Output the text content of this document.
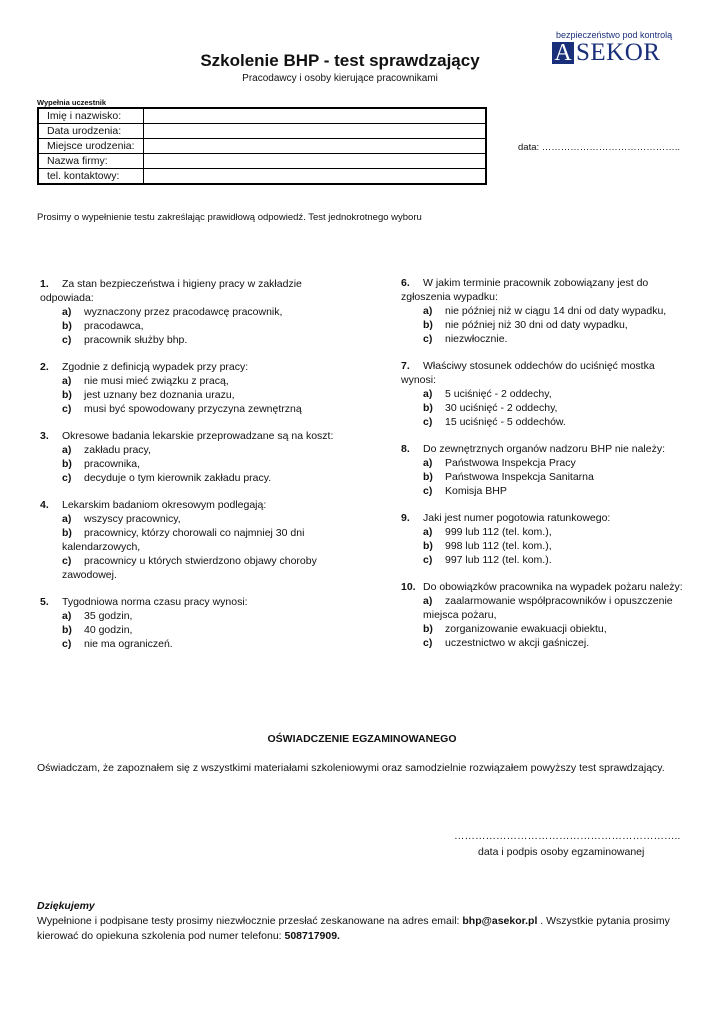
bezpieczeństwo pod kontrolą
A SEKOR
Szkolenie BHP - test sprawdzający
Pracodawcy i osoby kierujące pracownikami
Wypełnia uczestnik
Imię i nazwisko:	
Data urodzenia:	
Miejsce urodzenia:	
Nazwa firmy:	
tel. kontaktowy:	
data: ……………………………………..
Prosimy o wypełnienie testu zakreślając prawidłową odpowiedź. Test jednokrotnego wyboru
1. Za stan bezpieczeństwa i higieny pracy w zakładzie odpowiada:
a) wyznaczony przez pracodawcę pracownik,
b) pracodawca,
c) pracownik służby bhp.
2. Zgodnie z definicją wypadek przy pracy:
a) nie musi mieć związku z pracą,
b) jest uznany bez doznania urazu,
c) musi być spowodowany przyczyna zewnętrzną
3. Okresowe badania lekarskie przeprowadzane są na koszt:
a) zakładu pracy,
b) pracownika,
c) decyduje o tym kierownik zakładu pracy.
4. Lekarskim badaniom okresowym podlegają:
a) wszyscy pracownicy,
b) pracownicy, którzy chorowali co najmniej 30 dni
kalendarzowych,
c) pracownicy u których stwierdzono objawy choroby
zawodowej.
5. Tygodniowa norma czasu pracy wynosi:
a) 35 godzin,
b) 40 godzin,
c) nie ma ograniczeń.
6. W jakim terminie pracownik zobowiązany jest do
zgłoszenia wypadku:
a) nie później niż w ciągu 14 dni od daty wypadku,
b) nie później niż 30 dni od daty wypadku,
c) niezwłocznie.
7. Właściwy stosunek oddechów do uciśnięć mostka
wynosi:
a) 5 uciśnięć - 2 oddechy,
b) 30 uciśnięć - 2 oddechy,
c) 15 uciśnięć - 5 oddechów.
8. Do zewnętrznych organów nadzoru BHP nie należy:
a) Państwowa Inspekcja Pracy
b) Państwowa Inspekcja Sanitarna
c) Komisja BHP
9. Jaki jest numer pogotowia ratunkowego:
a) 999 lub 112 (tel. kom.),
b) 998 lub 112 (tel. kom.),
c) 997 lub 112 (tel. kom.).
10. Do obowiązków pracownika na wypadek pożaru należy:
a) zaalarmowanie współpracowników i opuszczenie
miejsca pożaru,
b) zorganizowanie ewakuacji obiektu,
c) uczestnictwo w akcji gaśniczej.
OŚWIADCZENIE EGZAMINOWANEGO
Oświadczam, że zapoznałem się z wszystkimi materiałami szkoleniowymi oraz samodzielnie rozwiązałem powyższy test sprawdzający.
………………………………………………………..
data i podpis osoby egzaminowanej
Dziękujemy
Wypełnione i podpisane testy prosimy niezwłocznie przesłać zeskanowane na adres email: bhp@asekor.pl . Wszystkie pytania prosimy kierować do opiekuna szkolenia pod numer telefonu: 508717909.
